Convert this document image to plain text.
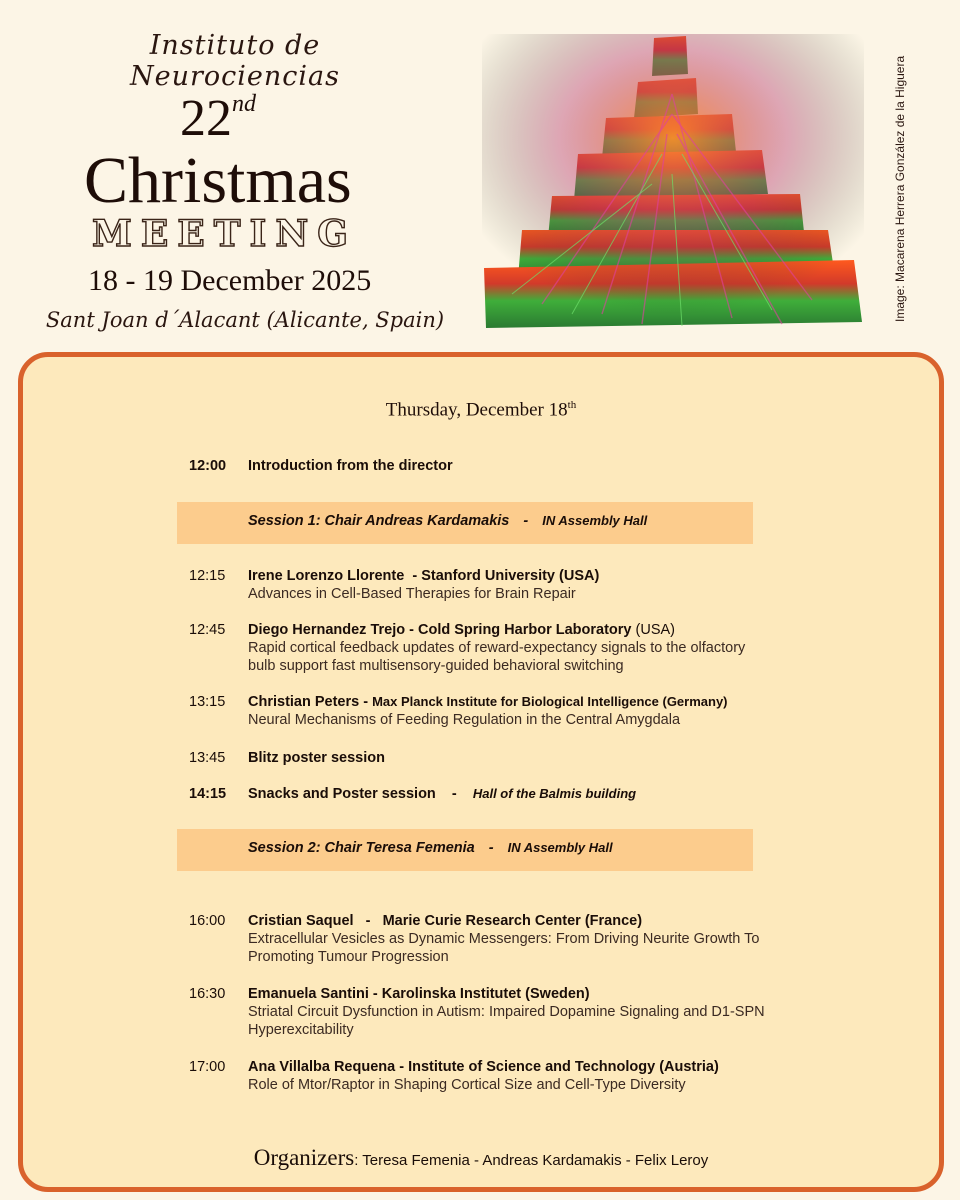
Instituto de Neurociencias
22nd
Christmas
MEETING
18 - 19 December 2025
Sant Joan d´Alacant (Alicante, Spain)	Image: Macarena Herrera González de la Higuera
Thursday, December 18th
12:00	Introduction from the director
Session 1: Chair Andreas Kardamakis - IN Assembly Hall
12:15	Irene Lorenzo Llorente  - Stanford University (USA)
Advances in Cell-Based Therapies for Brain Repair
12:45	Diego Hernandez Trejo - Cold Spring Harbor Laboratory (USA)
Rapid cortical feedback updates of reward-expectancy signals to the olfactory bulb support fast multisensory-guided behavioral switching
13:15	Christian Peters - Max Planck Institute for Biological Intelligence (Germany)
Neural Mechanisms of Feeding Regulation in the Central Amygdala
13:45	Blitz poster session
14:15	Snacks and Poster session    -    Hall of the Balmis building
Session 2: Chair Teresa Femenia - IN Assembly Hall
16:00	Cristian Saquel   -   Marie Curie Research Center (France)
Extracellular Vesicles as Dynamic Messengers: From Driving Neurite Growth To Promoting Tumour Progression
16:30	Emanuela Santini - Karolinska Institutet (Sweden)
Striatal Circuit Dysfunction in Autism: Impaired Dopamine Signaling and D1-SPN Hyperexcitability
17:00	Ana Villalba Requena - Institute of Science and Technology (Austria)
Role of Mtor/Raptor in Shaping Cortical Size and Cell-Type Diversity
Organizers: Teresa Femenia - Andreas Kardamakis - Felix Leroy
